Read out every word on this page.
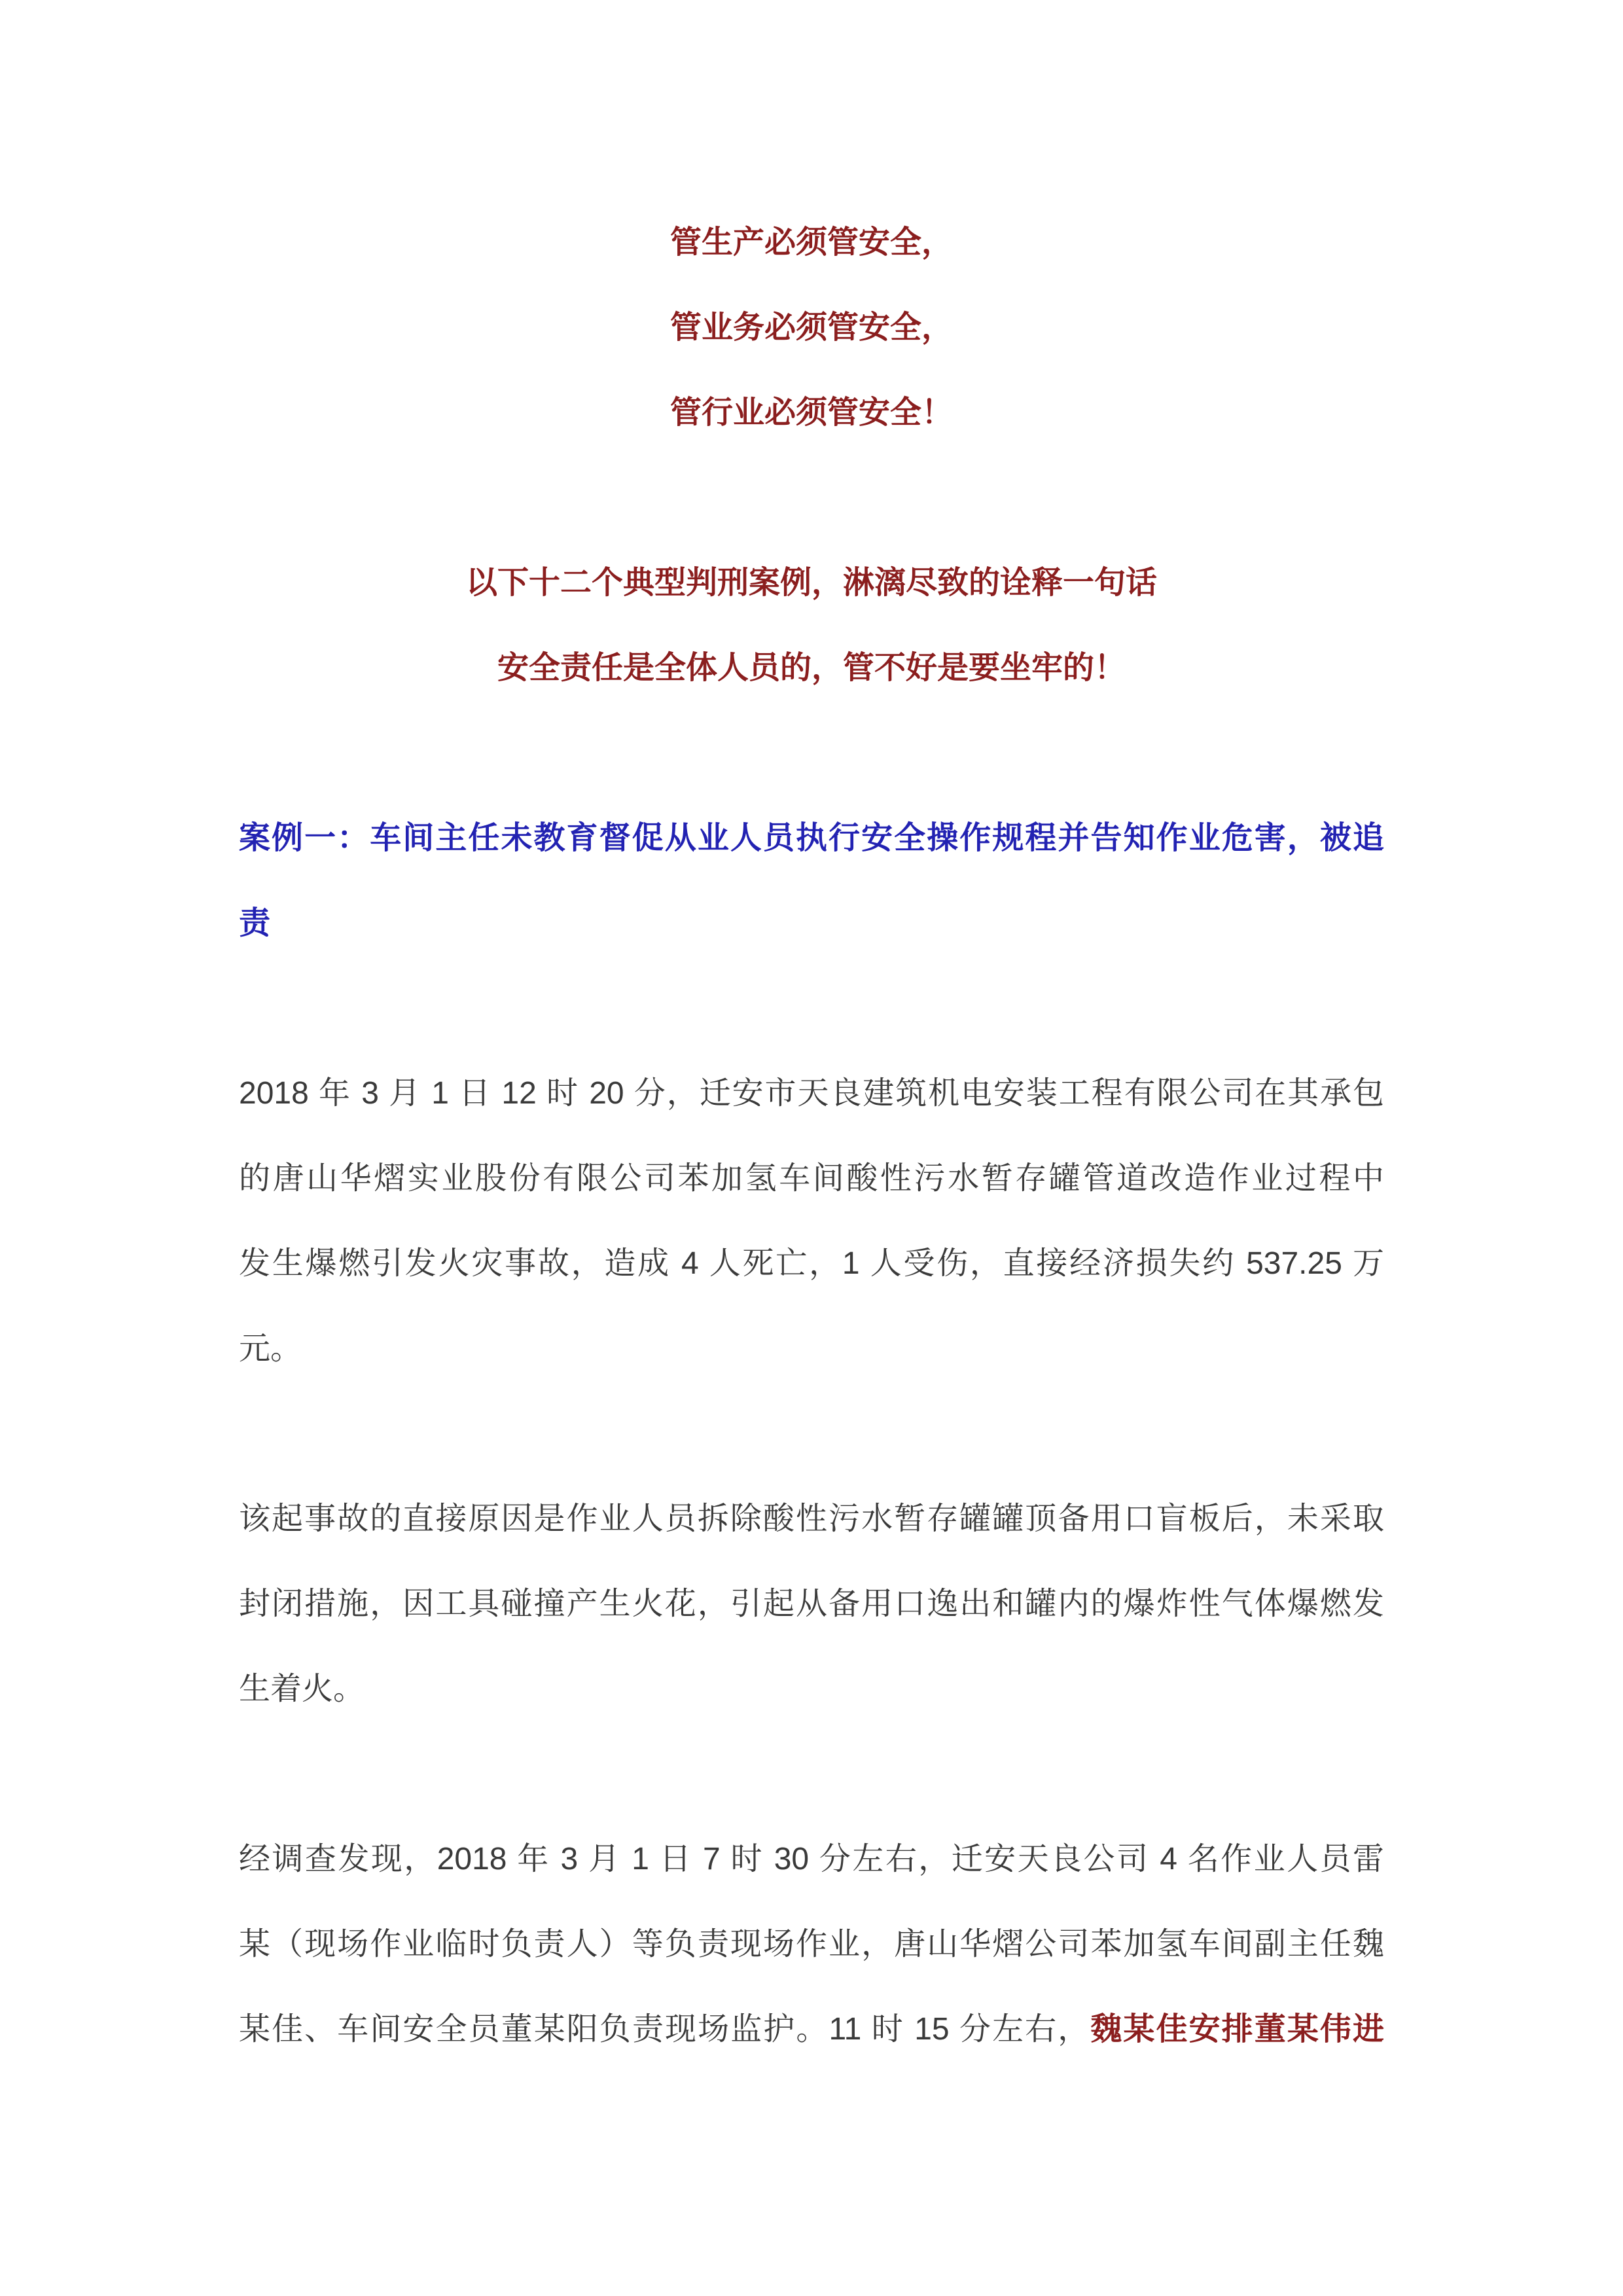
管生产必须管安全，
管业务必须管安全，
管行业必须管安全！
以下十二个典型判刑案例，淋漓尽致的诠释一句话
安全责任是全体人员的，管不好是要坐牢的！
案例一：车间主任未教育督促从业人员执行安全操作规程并告知作业危害，被追
责
2018 年 3 月 1 日 12 时 20 分，迁安市天良建筑机电安装工程有限公司在其承包
的唐山华熠实业股份有限公司苯加氢车间酸性污水暂存罐管道改造作业过程中
发生爆燃引发火灾事故，造成 4 人死亡，1 人受伤，直接经济损失约 537.25 万
元。
该起事故的直接原因是作业人员拆除酸性污水暂存罐罐顶备用口盲板后，未采取
封闭措施，因工具碰撞产生火花，引起从备用口逸出和罐内的爆炸性气体爆燃发
生着火。
经调查发现，2018 年 3 月 1 日 7 时 30 分左右，迁安天良公司 4 名作业人员雷
某（现场作业临时负责人）等负责现场作业，唐山华熠公司苯加氢车间副主任魏
某佳、车间安全员董某阳负责现场监护。11 时 15 分左右，魏某佳安排董某伟进
